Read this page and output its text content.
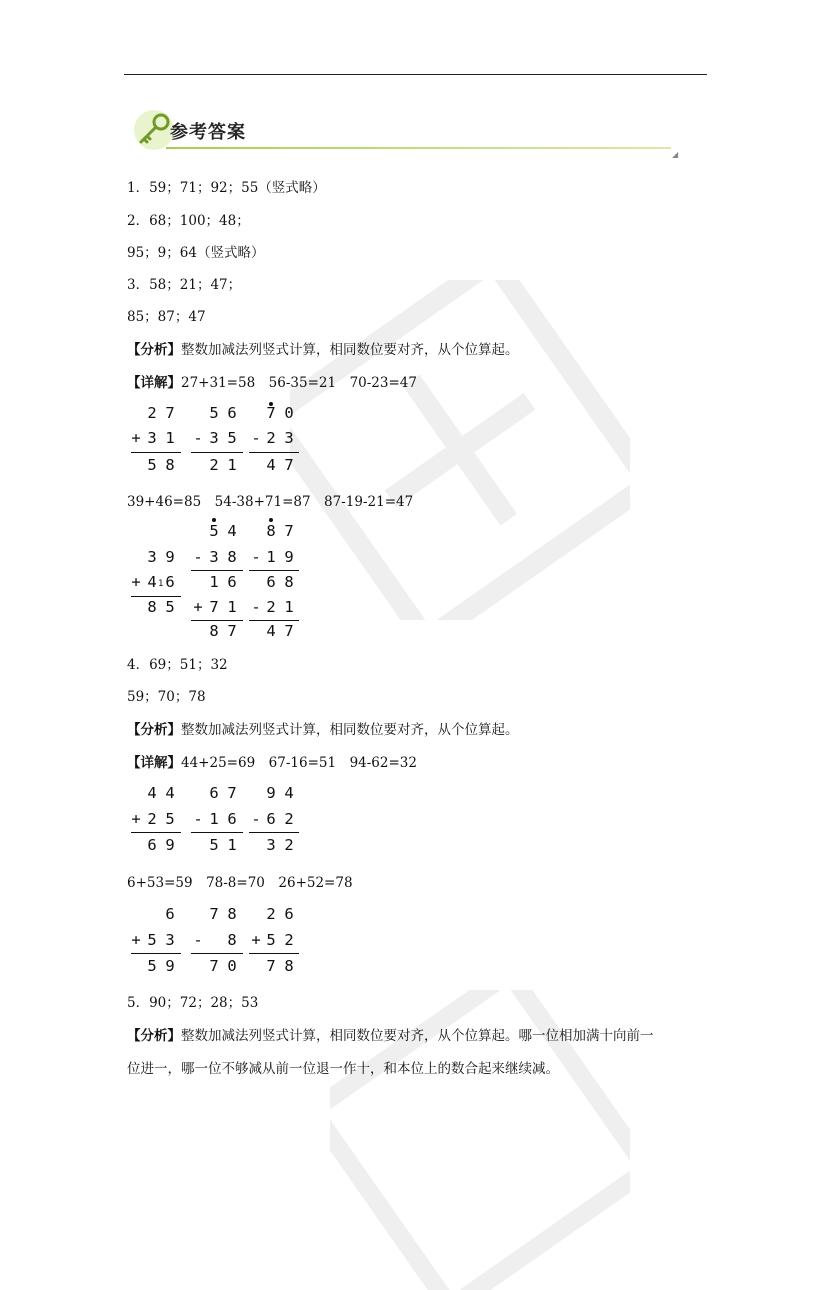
参考答案
◢
1．59；71；92；55（竖式略）
2．68；100；48；
95；9；64（竖式略）
3．58；21；47；
85；87；47
【分析】整数加减法列竖式计算，相同数位要对齐，从个位算起。
【详解】27+31=58　56-35=21　70-23=47
2 7
+ 3 1
5 8
5 6
- 3 5
2 1
7 0
- 2 3
4 7
39+46=85　54-38+71=87　87-19-21=47
3 9
+ 4 1 6
8 5
5 4
- 3 8
1 6
+ 7 1
8 7
8 7
- 1 9
6 8
- 2 1
4 7
4．69；51；32
59；70；78
【分析】整数加减法列竖式计算，相同数位要对齐，从个位算起。
【详解】44+25=69　67-16=51　94-62=32
4 4
+ 2 5
6 9
6 7
- 1 6
5 1
9 4
- 6 2
3 2
6+53=59　78-8=70　26+52=78
6
+ 5 3
5 9
7 8
- 8
7 0
2 6
+ 5 2
7 8
5．90；72；28；53
【分析】整数加减法列竖式计算，相同数位要对齐，从个位算起。哪一位相加满十向前一
位进一，哪一位不够减从前一位退一作十，和本位上的数合起来继续减。
